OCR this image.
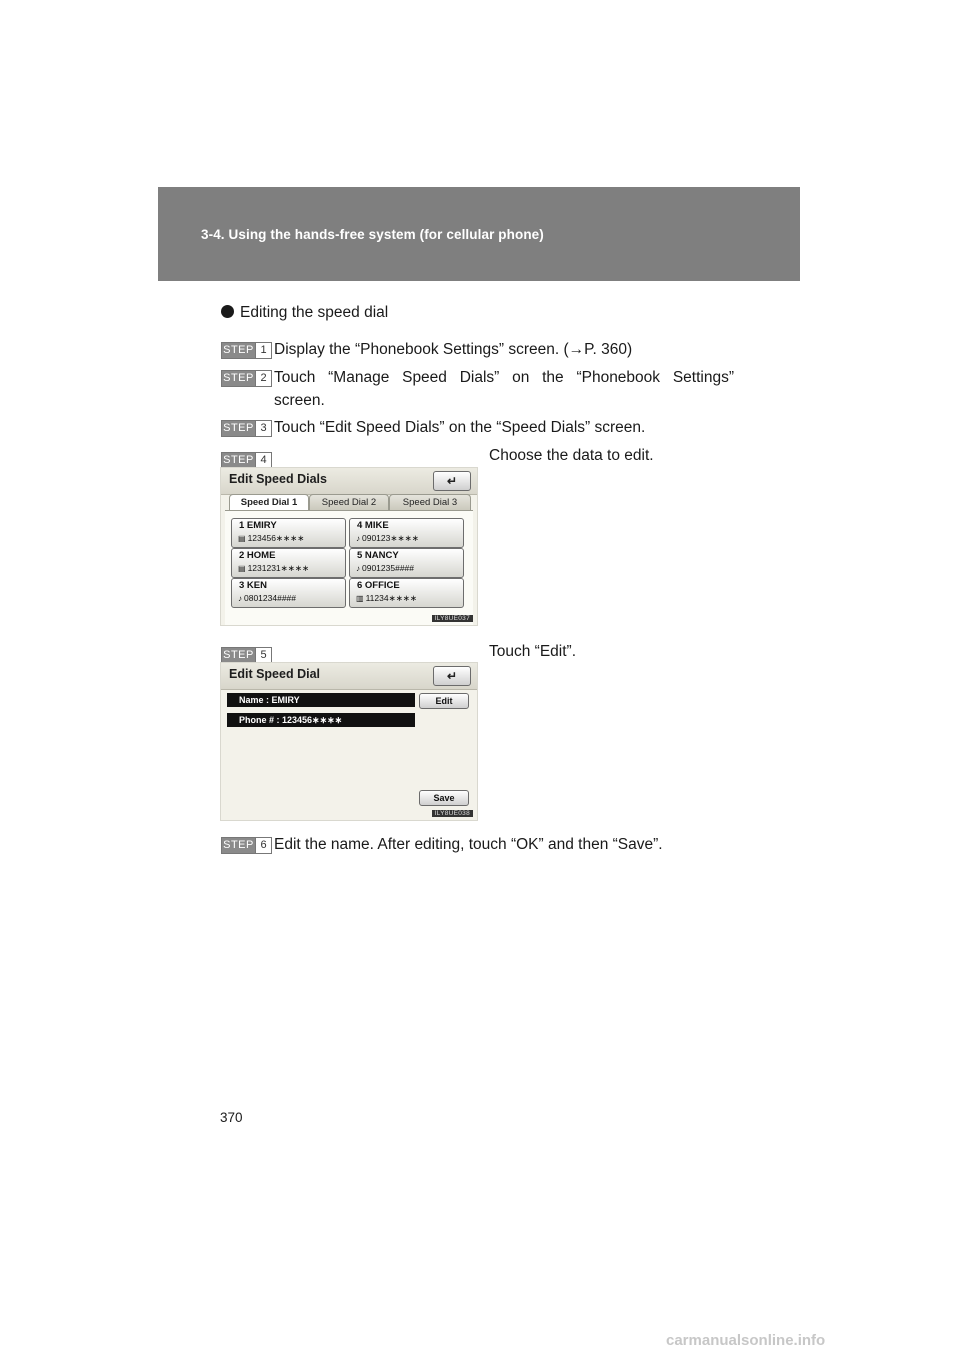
3-4. Using the hands-free system (for cellular phone)
Editing the speed dial
STEP 1 Display the “Phonebook Settings” screen. (→P. 360)
STEP 2 Touch “Manage Speed Dials” on the “Phonebook Settings”
screen.
STEP 3 Touch “Edit Speed Dials” on the “Speed Dials” screen.
STEP 4	Choose the data to edit.
Edit Speed Dials	↵
Speed Dial 1	Speed Dial 2	Speed Dial 3
1 EMIRY
▤ 123456∗∗∗∗
2 HOME
▤ 1231231∗∗∗∗
3 KEN
♪ 0801234####
4 MIKE
♪ 090123∗∗∗∗
5 NANCY
♪ 0901235####
6 OFFICE
▥ 11234∗∗∗∗
ILY8UE037
STEP 5	Touch “Edit”.
Edit Speed Dial	↵
Name : EMIRY
Phone # : 123456∗∗∗∗
Edit
Save
ILY8UE038
STEP 6 Edit the name. After editing, touch “OK” and then “Save”.
370
carmanualsonline.info
